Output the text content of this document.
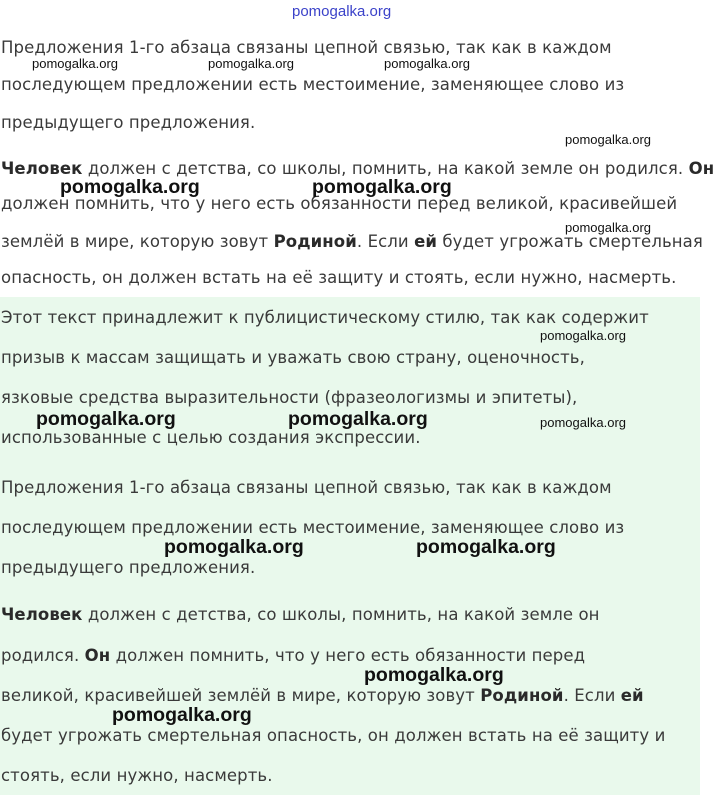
Предложения 1-го абзаца связаны цепной связью, так как в каждом
последующем предложении есть местоимение, заменяющее слово из
предыдущего предложения.
Человек должен с детства, со школы, помнить, на какой земле он родился. Он
должен помнить, что у него есть обязанности перед великой, красивейшей
землёй в мире, которую зовут Родиной. Если ей будет угрожать смертельная
опасность, он должен встать на её защиту и стоять, если нужно, насмерть.
Этот текст принадлежит к публицистическому стилю, так как содержит
призыв к массам защищать и уважать свою страну, оценочность,
язковые средства выразительности (фразеологизмы и эпитеты),
использованные с целью создания экспрессии.
Предложения 1-го абзаца связаны цепной связью, так как в каждом
последующем предложении есть местоимение, заменяющее слово из
предыдущего предложения.
Человек должен с детства, со школы, помнить, на какой земле он
родился. Он должен помнить, что у него есть обязанности перед
великой, красивейшей землёй в мире, которую зовут Родиной. Если ей
будет угрожать смертельная опасность, он должен встать на её защиту и
стоять, если нужно, насмерть.
pomogalka.org
pomogalka.org	pomogalka.org	pomogalka.org
pomogalka.org
pomogalka.org	pomogalka.org
pomogalka.org
pomogalka.org
pomogalka.org	pomogalka.org	pomogalka.org
pomogalka.org	pomogalka.org
pomogalka.org
pomogalka.org
